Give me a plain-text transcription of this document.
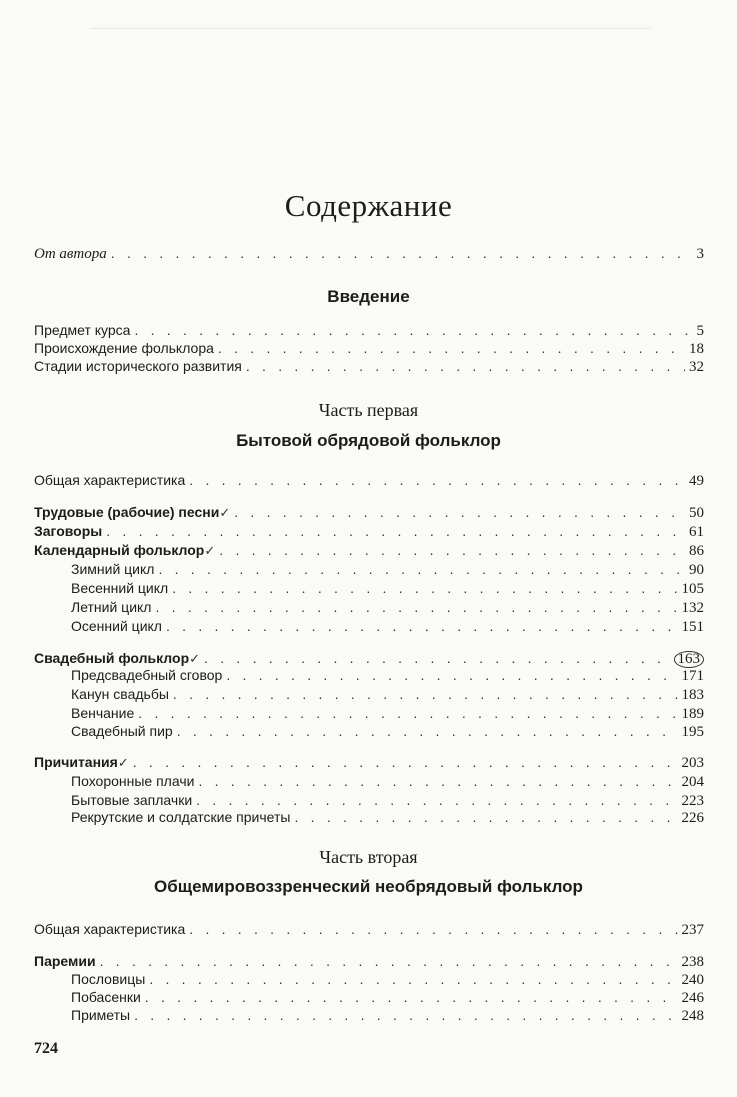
Содержание
От автора . . .	3
Введение
Предмет курса . . .	5
Происхождение фольклора . . .	18
Стадии исторического развития . . .	32
Часть первая
Бытовой обрядовой фольклор
Общая характеристика . . .	49
Трудовые (рабочие) песни ✓ . . .	50
Заговоры . . .	61
Календарный фольклор ✓ . . .	86
Зимний цикл . . .	90
Весенний цикл . . .	105
Летний цикл . . .	132
Осенний цикл . . .	151
Свадебный фольклор ✓ . . .	163
Предсвадебный сговор . . .	171
Канун свадьбы . . .	183
Венчание . . .	189
Свадебный пир . . .	195
Причитания ✓ . . .	203
Похоронные плачи . . .	204
Бытовые заплачки . . .	223
Рекрутские и солдатские причеты . . .	226
Часть вторая
Общемировоззренческий необрядовый фольклор
Общая характеристика . . .	237
Паремии . . .	238
Пословицы . . .	240
Побасенки . . .	246
Приметы . . .	248
724
